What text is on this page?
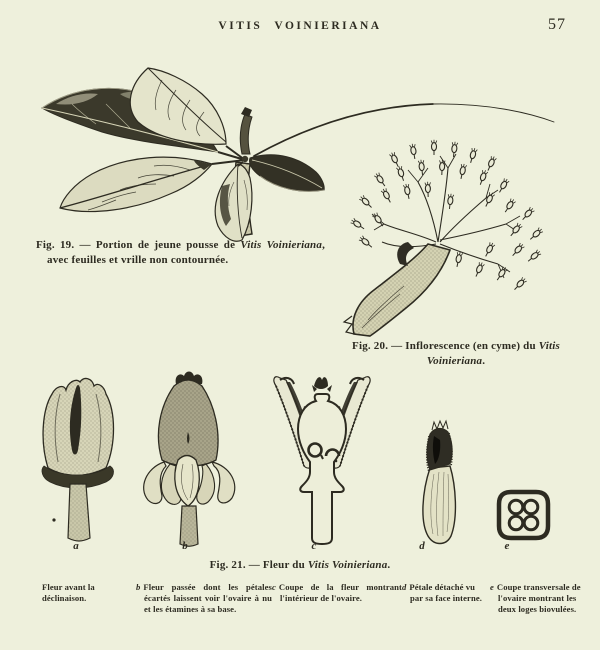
VITIS VOINIERIANA	57
Fig. 19. — Portion de jeune pousse de Vitis Voinieriana, avec feuilles et vrille non contournée.
Fig. 20. — Inflorescence (en cyme) du Vitis Voinieriana.
a	b	c	d	e
Fig. 21. — Fleur du Vitis Voinieriana.
Fleur avant la déclinaison.
b Fleur passée dont les pétales écartés laissent voir l'ovaire à nu et les étamines à sa base.
c Coupe de la fleur montrant l'intérieur de l'ovaire.
d Pétale détaché vu par sa face interne.
e Coupe transversale de l'ovaire montrant les deux loges biovulées.
